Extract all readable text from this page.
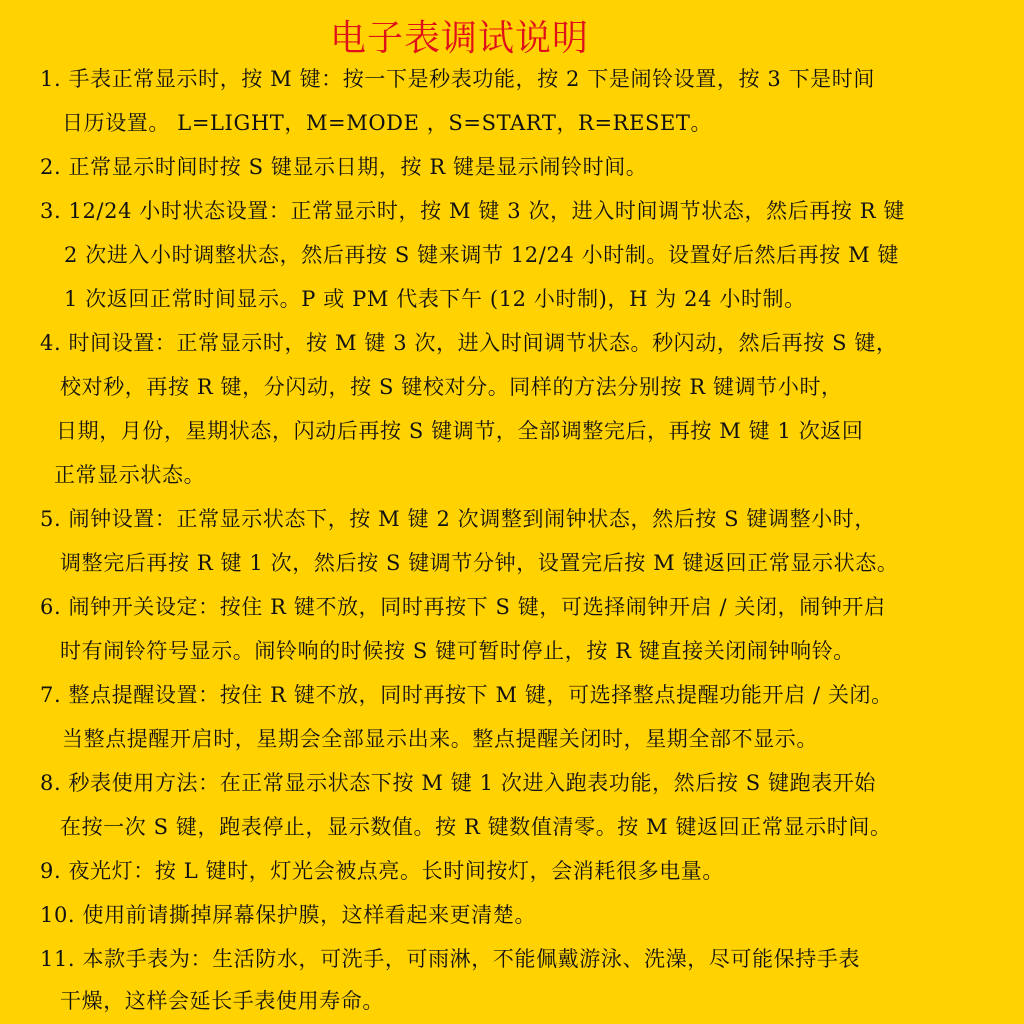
电子表调试说明
1. 手表正常显示时，按 M 键：按一下是秒表功能，按 2 下是闹铃设置，按 3 下是时间
日历设置。 L=LIGHT，M=MODE ，S=START，R=RESET。
2. 正常显示时间时按 S 键显示日期，按 R 键是显示闹铃时间。
3. 12/24 小时状态设置：正常显示时，按 M 键 3 次，进入时间调节状态，然后再按 R 键
2 次进入小时调整状态，然后再按 S 键来调节 12/24 小时制。设置好后然后再按 M 键
1 次返回正常时间显示。P 或 PM 代表下午 (12 小时制)，H 为 24 小时制。
4. 时间设置：正常显示时，按 M 键 3 次，进入时间调节状态。秒闪动，然后再按 S 键，
校对秒，再按 R 键，分闪动，按 S 键校对分。同样的方法分别按 R 键调节小时，
日期，月份，星期状态，闪动后再按 S 键调节，全部调整完后，再按 M 键 1 次返回
正常显示状态。
5. 闹钟设置：正常显示状态下，按 M 键 2 次调整到闹钟状态，然后按 S 键调整小时，
调整完后再按 R 键 1 次，然后按 S 键调节分钟，设置完后按 M 键返回正常显示状态。
6. 闹钟开关设定：按住 R 键不放，同时再按下 S 键，可选择闹钟开启 / 关闭，闹钟开启
时有闹铃符号显示。闹铃响的时候按 S 键可暂时停止，按 R 键直接关闭闹钟响铃。
7. 整点提醒设置：按住 R 键不放，同时再按下 M 键，可选择整点提醒功能开启 / 关闭。
当整点提醒开启时，星期会全部显示出来。整点提醒关闭时，星期全部不显示。
8. 秒表使用方法：在正常显示状态下按 M 键 1 次进入跑表功能，然后按 S 键跑表开始
在按一次 S 键，跑表停止，显示数值。按 R 键数值清零。按 M 键返回正常显示时间。
9. 夜光灯：按 L 键时，灯光会被点亮。长时间按灯，会消耗很多电量。
10. 使用前请撕掉屏幕保护膜，这样看起来更清楚。
11. 本款手表为：生活防水，可洗手，可雨淋，不能佩戴游泳、洗澡，尽可能保持手表
干燥，这样会延长手表使用寿命。
